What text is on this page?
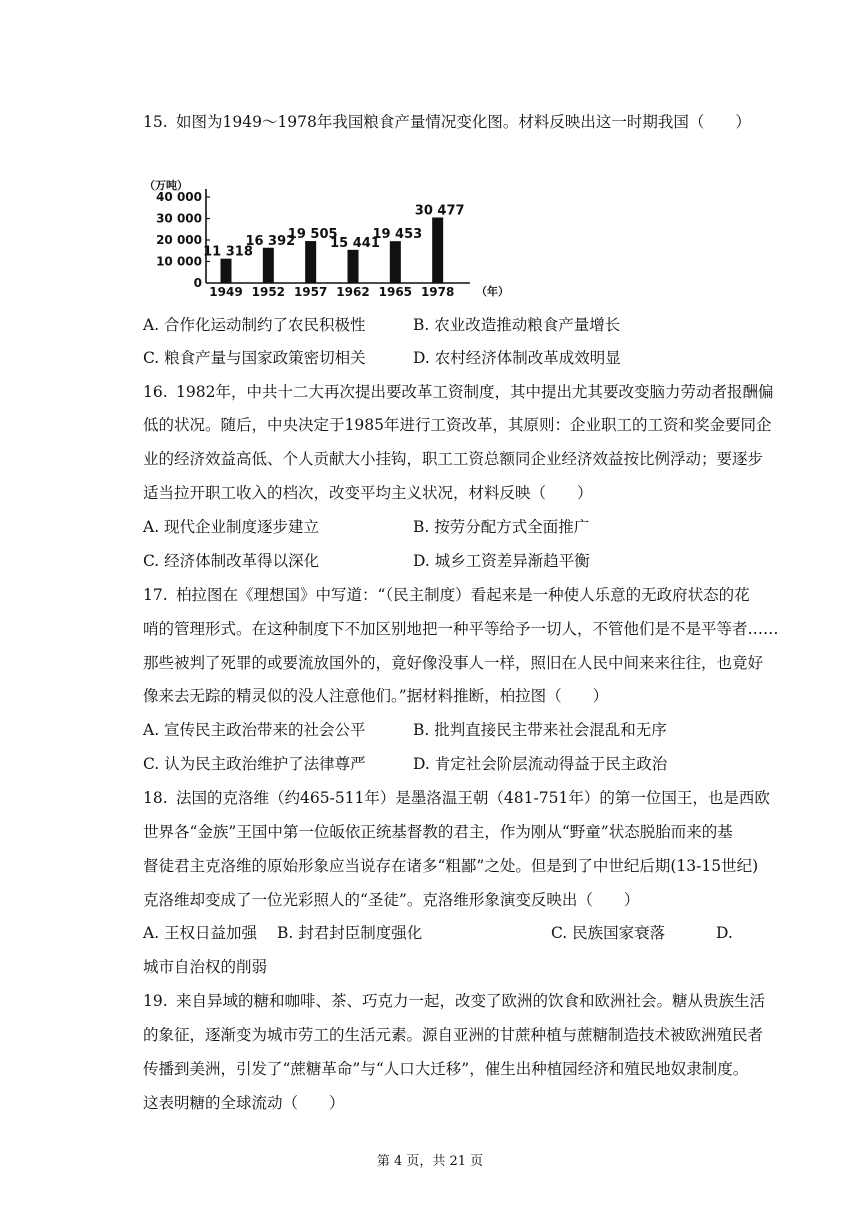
15. 如图为1949～1978年我国粮食产量情况变化图。材料反映出这一时期我国（　　）
0
10 000
20 000
30 000
40 000
（万吨）
11 318
1949
16 392
1952
19 505
1957
15 441
1962
19 453
1965
30 477
1978 （年）
A. 合作化运动制约了农民积极性	B. 农业改造推动粮食产量增长
C. 粮食产量与国家政策密切相关	D. 农村经济体制改革成效明显
16. 1982年，中共十二大再次提出要改革工资制度，其中提出尤其要改变脑力劳动者报酬偏
低的状况。随后，中央决定于1985年进行工资改革，其原则：企业职工的工资和奖金要同企
业的经济效益高低、个人贡献大小挂钩，职工工资总额同企业经济效益按比例浮动；要逐步
适当拉开职工收入的档次，改变平均主义状况，材料反映（　　）
A. 现代企业制度逐步建立	B. 按劳分配方式全面推广
C. 经济体制改革得以深化	D. 城乡工资差异渐趋平衡
17. 柏拉图在《理想国》中写道：“（民主制度）看起来是一种使人乐意的无政府状态的花
哨的管理形式。在这种制度下不加区别地把一种平等给予一切人，不管他们是不是平等者……
那些被判了死罪的或要流放国外的，竟好像没事人一样，照旧在人民中间来来往往，也竟好
像来去无踪的精灵似的没人注意他们。”据材料推断，柏拉图（　　）
A. 宣传民主政治带来的社会公平	B. 批判直接民主带来社会混乱和无序
C. 认为民主政治维护了法律尊严	D. 肯定社会阶层流动得益于民主政治
18. 法国的克洛维（约465-511年）是墨洛温王朝（481-751年）的第一位国王，也是西欧
世界各“金族”王国中第一位皈依正统基督教的君主，作为刚从“野童”状态脱胎而来的基
督徒君主克洛维的原始形象应当说存在诸多“粗鄙”之处。但是到了中世纪后期(13-15世纪)
克洛维却变成了一位光彩照人的“圣徒”。克洛维形象演变反映出（　　）
A. 王权日益加强 B. 封君封臣制度强化	C. 民族国家衰落	D.
城市自治权的削弱
19. 来自异域的糖和咖啡、茶、巧克力一起，改变了欧洲的饮食和欧洲社会。糖从贵族生活
的象征，逐渐变为城市劳工的生活元素。源自亚洲的甘蔗种植与蔗糖制造技术被欧洲殖民者
传播到美洲，引发了“蔗糖革命”与“人口大迁移”，催生出种植园经济和殖民地奴隶制度。
这表明糖的全球流动（　　）
第 4 页，共 21 页
